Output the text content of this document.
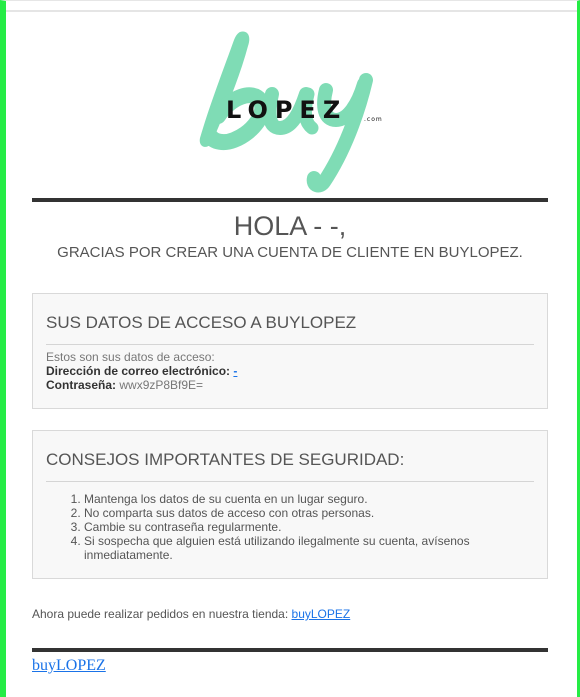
LOPEZ	.com
HOLA - -,
GRACIAS POR CREAR UNA CUENTA DE CLIENTE EN BUYLOPEZ.
SUS DATOS DE ACCESO A BUYLOPEZ
Estos son sus datos de acceso:
Dirección de correo electrónico: -
Contraseña: wwx9zP8Bf9E=
CONSEJOS IMPORTANTES DE SEGURIDAD:
1. Mantenga los datos de su cuenta en un lugar seguro.
2. No comparta sus datos de acceso con otras personas.
3. Cambie su contraseña regularmente.
4. Si sospecha que alguien está utilizando ilegalmente su cuenta, avísenos inmediatamente.
Ahora puede realizar pedidos en nuestra tienda: buyLOPEZ
buyLOPEZ
